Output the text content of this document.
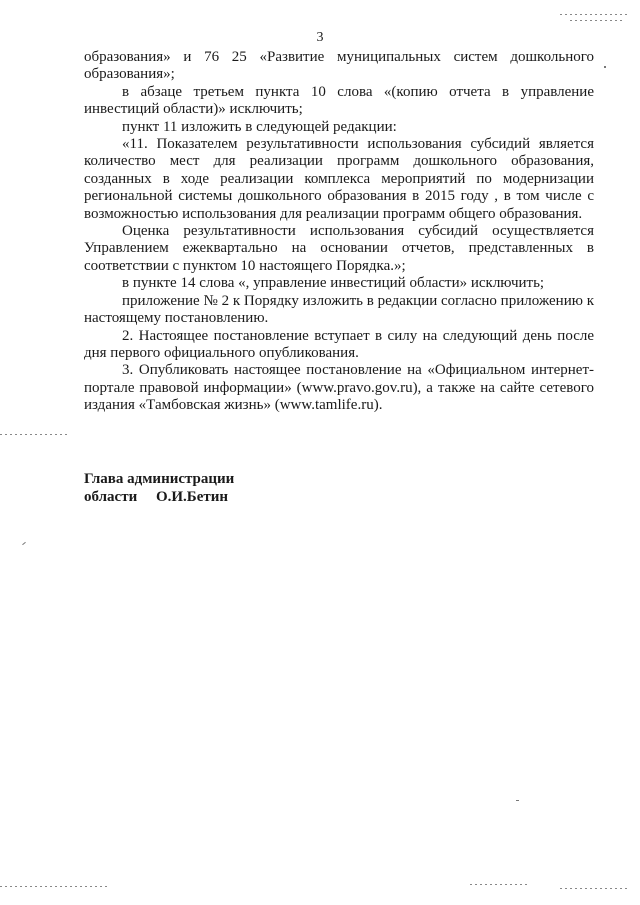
3

образования» и 76 25 «Развитие муниципальных систем дошкольного образования»;

в абзаце третьем пункта 10 слова «(копию отчета в управление инвестиций области)» исключить;

пункт 11 изложить в следующей редакции:

«11. Показателем результативности использования субсидий является количество мест для реализации программ дошкольного образования, созданных в ходе реализации комплекса мероприятий по модернизации региональной системы дошкольного образования в 2015 году , в том числе с возможностью использования для реализации программ общего образования.

Оценка результативности использования субсидий осуществляется Управлением ежеквартально на основании отчетов, представленных в соответствии с пунктом 10 настоящего Порядка.»;

в пункте 14 слова «, управление инвестиций области» исключить;

приложение № 2 к Порядку изложить в редакции согласно приложению к настоящему постановлению.

2. Настоящее постановление вступает в силу на следующий день после дня первого официального опубликования.

3. Опубликовать настоящее постановление на «Официальном интернет-портале правовой информации» (www.pravo.gov.ru), а также на сайте сетевого издания «Тамбовская жизнь» (www.tamlife.ru).

Глава администрации
области О.И.Бетин
